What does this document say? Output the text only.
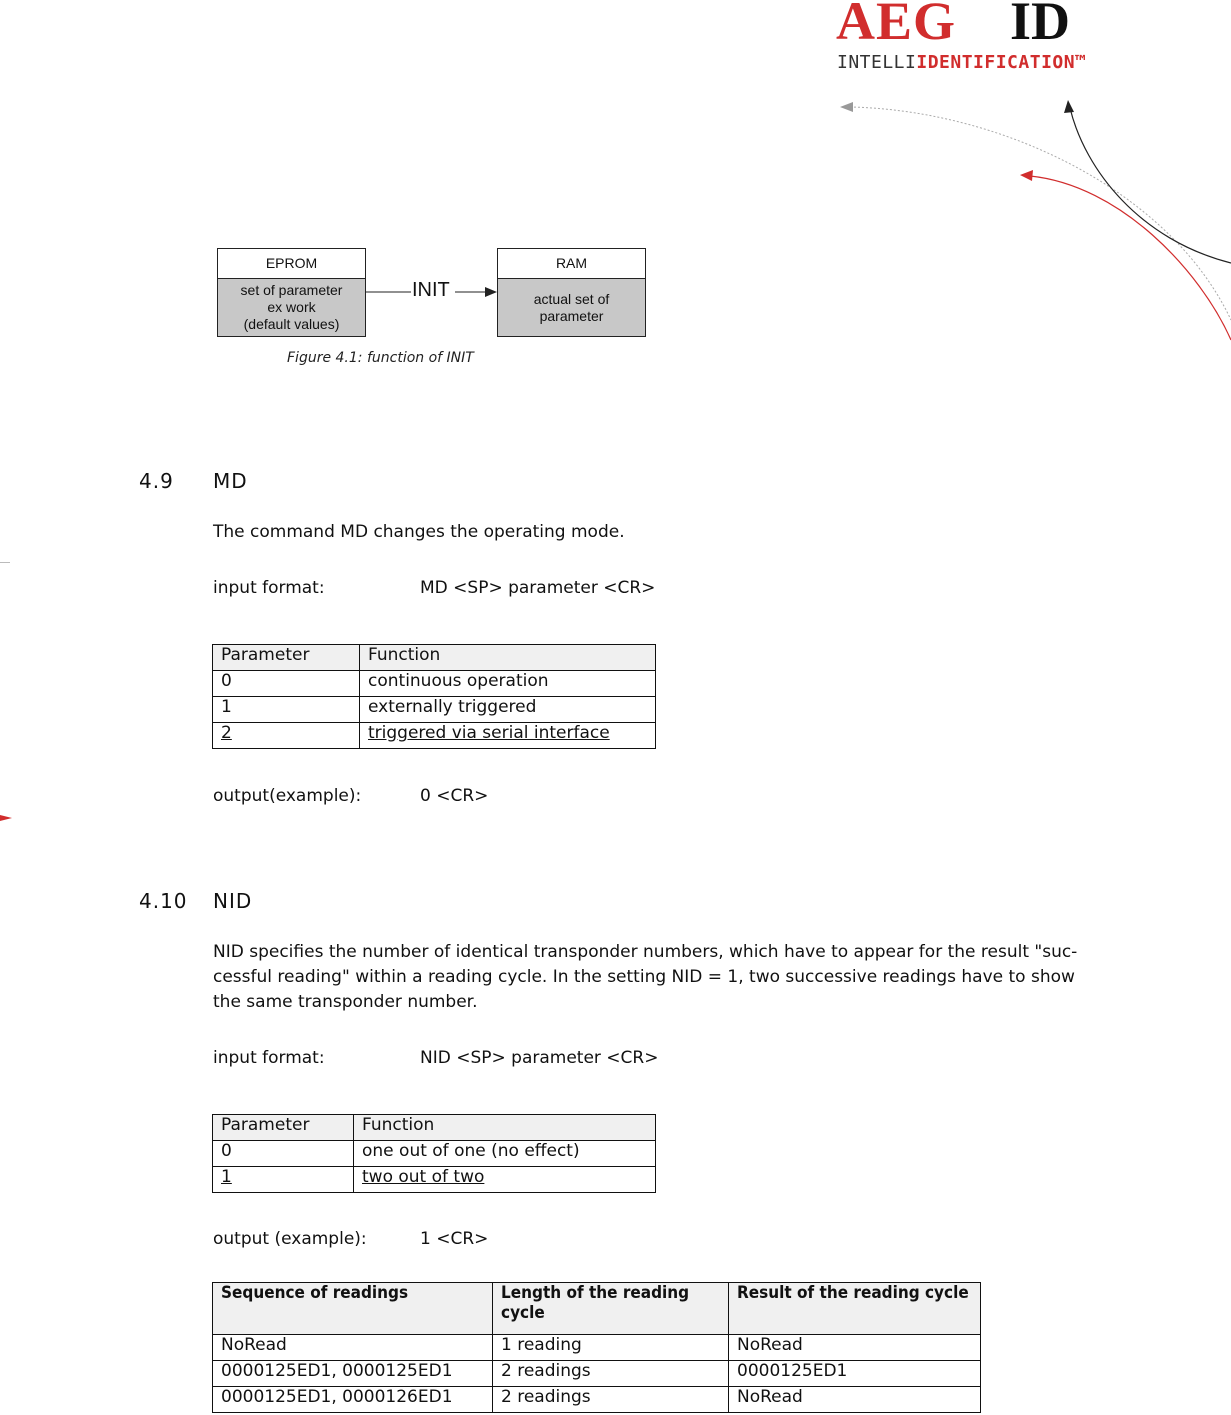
AEG ID
INTELLIIDENTIFICATION™
EPROM
set of parameter
ex work
(default values)
RAM
actual set of
parameter
INIT
Figure 4.1: function of INIT
4.9 MD
The command MD changes the operating mode.
input format:	MD <SP> parameter <CR>
Parameter	Function
0	continuous operation
1	externally triggered
2	triggered via serial interface
output(example):	0 <CR>
4.10 NID
NID specifies the number of identical transponder numbers, which have to appear for the result "suc-
cessful reading" within a reading cycle. In the setting NID = 1, two successive readings have to show
the same transponder number.
input format:	NID <SP> parameter <CR>
Parameter	Function
0	one out of one (no effect)
1	two out of two
output (example):	1 <CR>
Sequence of readings	Length of the reading cycle	Result of the reading cycle
NoRead	1 reading	NoRead
0000125ED1, 0000125ED1	2 readings	0000125ED1
0000125ED1, 0000126ED1	2 readings	NoRead
